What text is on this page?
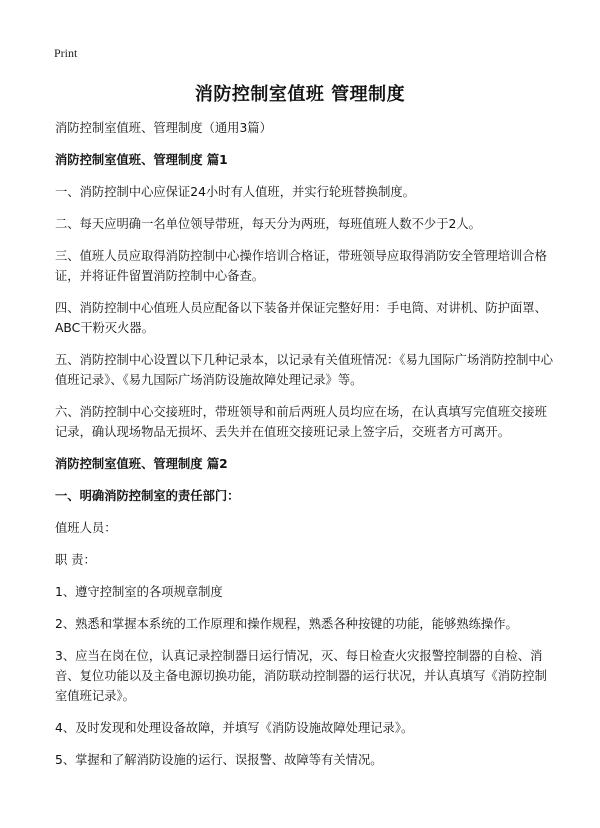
Print
消防控制室值班 管理制度

消防控制室值班、管理制度（通用3篇）

消防控制室值班、管理制度 篇1

一、消防控制中心应保证24小时有人值班，并实行轮班替换制度。

二、每天应明确一名单位领导带班，每天分为两班，每班值班人数不少于2人。

三、值班人员应取得消防控制中心操作培训合格证，带班领导应取得消防安全管理培训合格证，并将证件留置消防控制中心备查。

四、消防控制中心值班人员应配备以下装备并保证完整好用：手电筒、对讲机、防护面罩、ABC干粉灭火器。

五、消防控制中心设置以下几种记录本，以记录有关值班情况：《易九国际广场消防控制中心值班记录》、《易九国际广场消防设施故障处理记录》等。

六、消防控制中心交接班时，带班领导和前后两班人员均应在场，在认真填写完值班交接班记录，确认现场物品无损坏、丢失并在值班交接班记录上签字后，交班者方可离开。

消防控制室值班、管理制度 篇2

一、明确消防控制室的责任部门：

值班人员：

职 责：

1、遵守控制室的各项规章制度

2、熟悉和掌握本系统的工作原理和操作规程，熟悉各种按键的功能，能够熟练操作。

3、应当在岗在位，认真记录控制器日运行情况，灭、每日检查火灾报警控制器的自检、消音、复位功能以及主备电源切换功能，消防联动控制器的运行状况，并认真填写《消防控制室值班记录》。

4、及时发现和处理设备故障，并填写《消防设施故障处理记录》。

5、掌握和了解消防设施的运行、误报警、故障等有关情况。
